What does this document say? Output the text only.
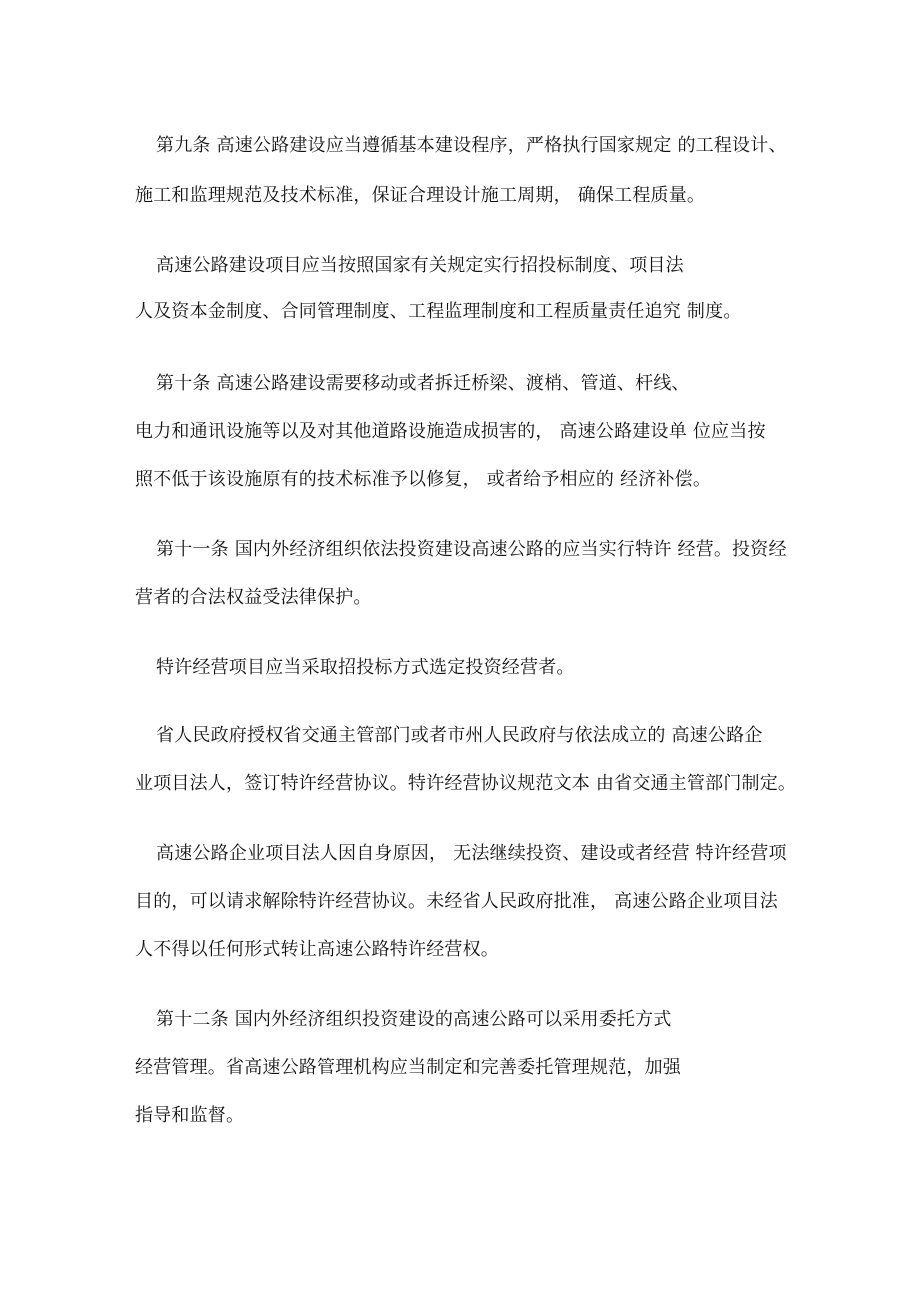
第九条 高速公路建设应当遵循基本建设程序，严格执行国家规定 的工程设计、
施工和监理规范及技术标准，保证合理设计施工周期， 确保工程质量。
高速公路建设项目应当按照国家有关规定实行招投标制度、项目法
人及资本金制度、合同管理制度、工程监理制度和工程质量责任追究 制度。
第十条 高速公路建设需要移动或者拆迁桥梁、渡梢、管道、杆线、
电力和通讯设施等以及对其他道路设施造成损害的， 高速公路建设单 位应当按
照不低于该设施原有的技术标准予以修复， 或者给予相应的 经济补偿。
第十一条 国内外经济组织依法投资建设高速公路的应当实行特许 经营。投资经
营者的合法权益受法律保护。
特许经营项目应当采取招投标方式选定投资经营者。
省人民政府授权省交通主管部门或者市州人民政府与依法成立的 高速公路企
业项目法人，签订特许经营协议。特许经营协议规范文本 由省交通主管部门制定。
高速公路企业项目法人因自身原因， 无法继续投资、建设或者经营 特许经营项
目的，可以请求解除特许经营协议。未经省人民政府批准， 高速公路企业项目法
人不得以任何形式转让高速公路特许经营权。
第十二条 国内外经济组织投资建设的高速公路可以采用委托方式
经营管理。省高速公路管理机构应当制定和完善委托管理规范，加强
指导和监督。
